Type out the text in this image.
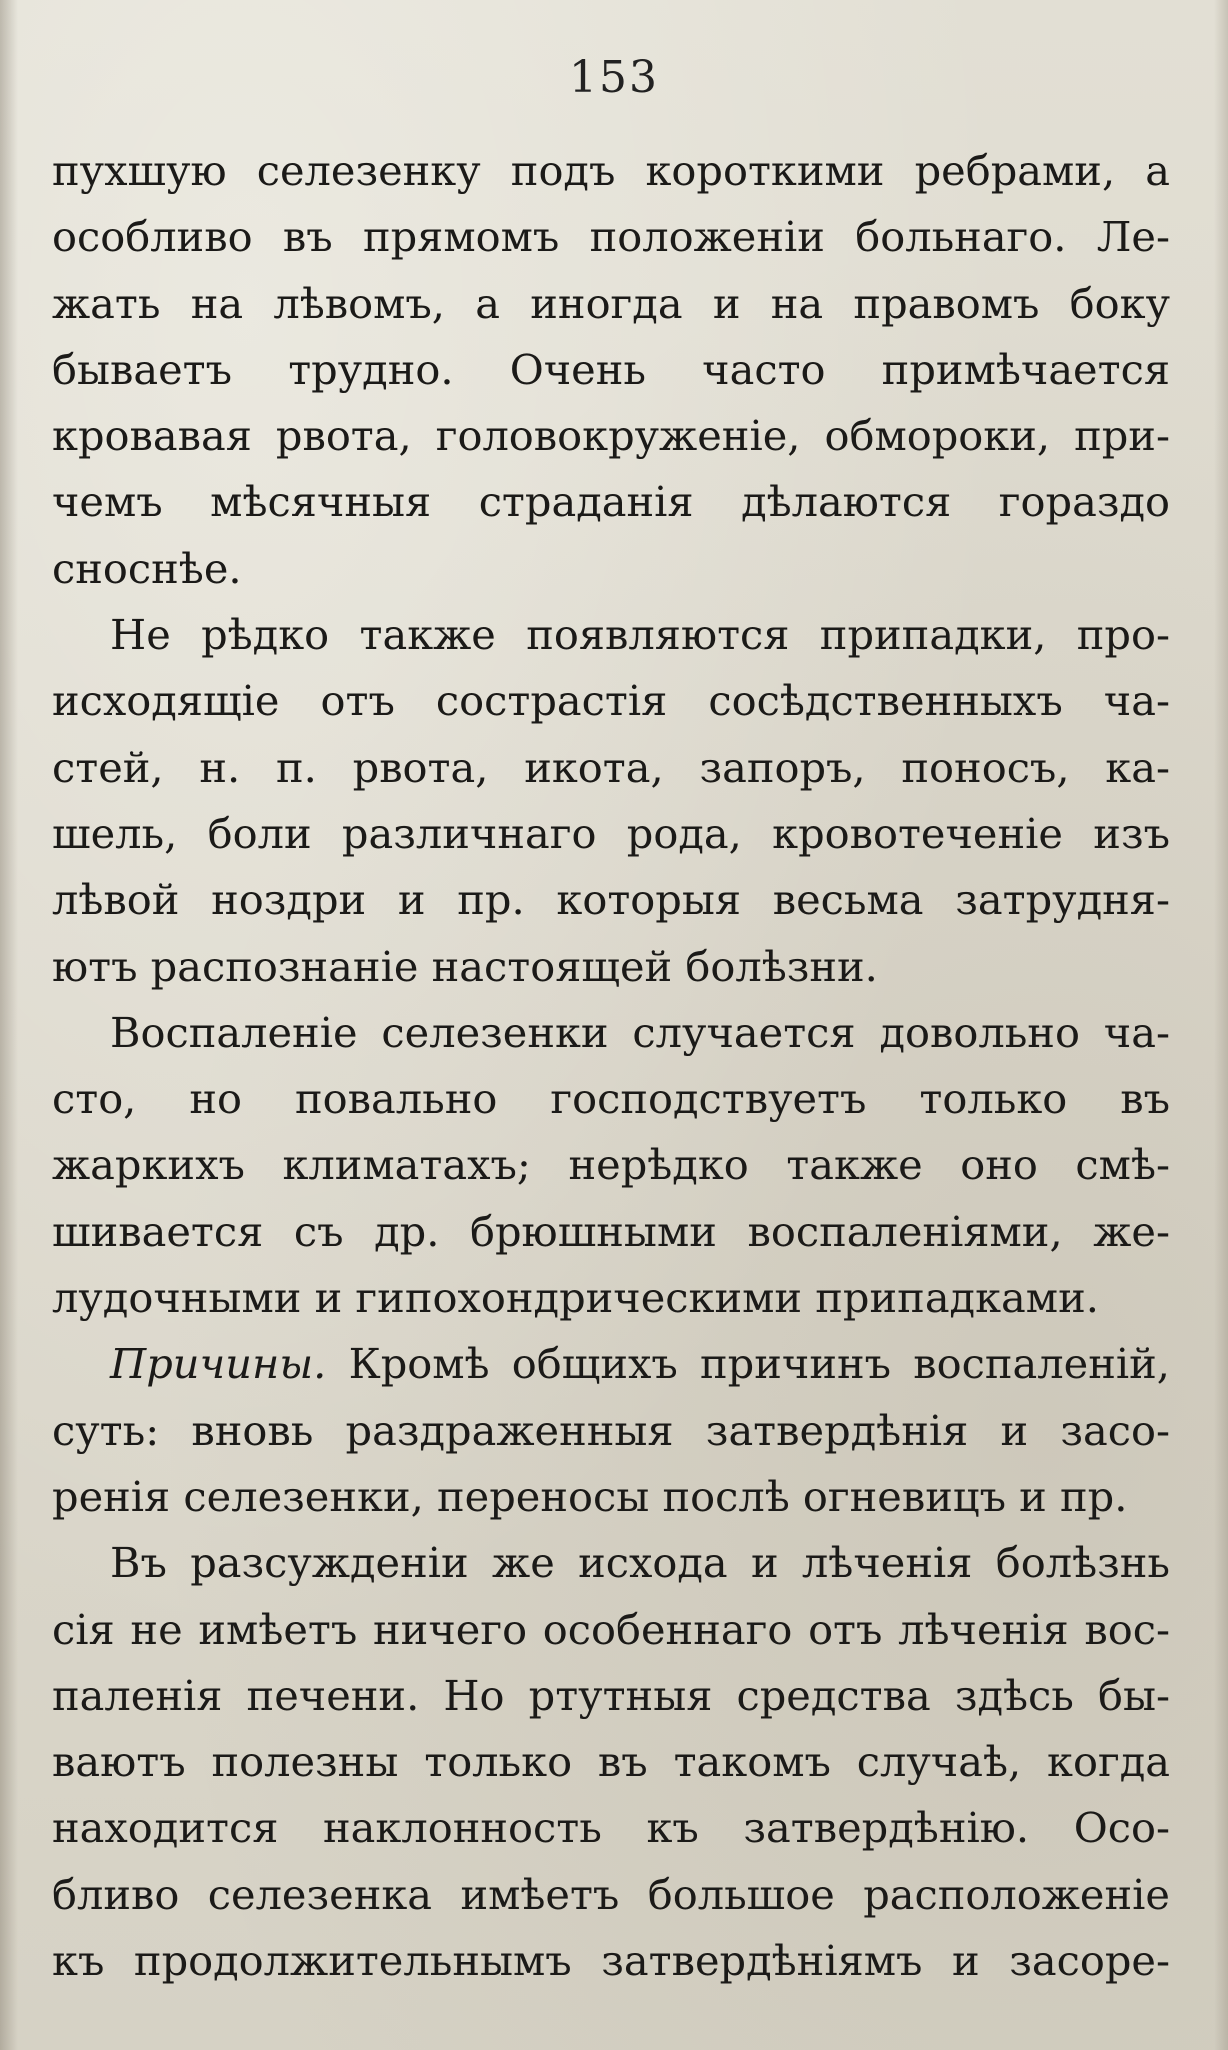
153
пухшую селезенку подъ короткими ребрами, а
особливо въ прямомъ положеніи больнаго. Ле-
жать на лѣвомъ, а иногда и на правомъ боку
бываетъ трудно. Очень часто примѣчается
кровавая рвота, головокруженіе, обмороки, при-
чемъ мѣсячныя страданія дѣлаются гораздо
сноснѣе.
Не рѣдко также появляются припадки, про-
исходящіе отъ сострастія сосѣдственныхъ ча-
стей, н. п. рвота, икота, запоръ, поносъ, ка-
шель, боли различнаго рода, кровотеченіе изъ
лѣвой ноздри и пр. которыя весьма затрудня-
ютъ распознаніе настоящей болѣзни.
Воспаленіе селезенки случается довольно ча-
сто, но повально господствуетъ только въ
жаркихъ климатахъ; нерѣдко также оно смѣ-
шивается съ др. брюшными воспаленіями, же-
лудочными и гипохондрическими припадками.
Причины. Кромѣ общихъ причинъ воспаленій,
суть: вновь раздраженныя затвердѣнія и засо-
ренія селезенки, переносы послѣ огневицъ и пр.
Въ разсужденіи же исхода и лѣченія болѣзнь
сія не имѣетъ ничего особеннаго отъ лѣченія вос-
паленія печени. Но ртутныя средства здѣсь бы-
ваютъ полезны только въ такомъ случаѣ, когда
находится наклонность къ затвердѣнію. Осо-
бливо селезенка имѣетъ большое расположеніе
къ продолжительнымъ затвердѣніямъ и засоре-
